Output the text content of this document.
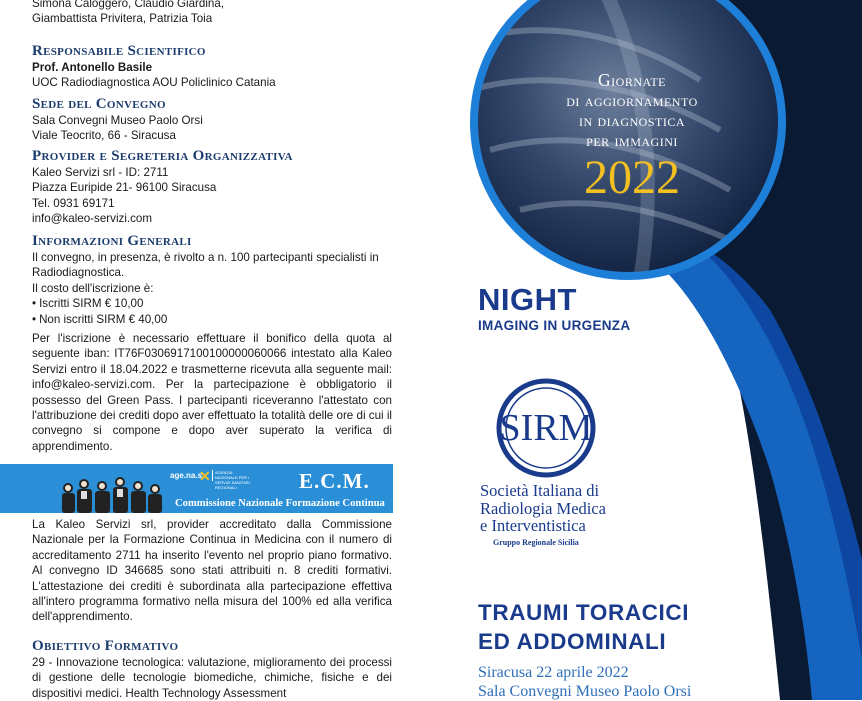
Simona Caloggero, Claudio Giardina,
Giambattista Privitera, Patrizia Toia
Responsabile Scientifico
Prof. Antonello Basile
UOC Radiodiagnostica AOU Policlinico Catania
Sede del Convegno
Sala Convegni Museo Paolo Orsi
Viale Teocrito, 66 - Siracusa
Provider e Segreteria Organizzativa
Kaleo Servizi srl - ID: 2711
Piazza Euripide 21- 96100 Siracusa
Tel. 0931 69171
info@kaleo-servizi.com
Informazioni Generali
Il convegno, in presenza, è rivolto a n. 100 partecipanti specialisti in Radiodiagnostica.
Il costo dell'iscrizione è:
• Iscritti SIRM € 10,00
• Non iscritti SIRM € 40,00
Per l'iscrizione è necessario effettuare il bonifico della quota al seguente iban: IT76F0306917100100000060066 intestato alla Kaleo Servizi entro il 18.04.2022 e trasmetterne ricevuta alla seguente mail: info@kaleo-servizi.com. Per la partecipazione è obbligatorio il possesso del Green Pass. I partecipanti riceveranno l'attestato con l'attribuzione dei crediti dopo aver effettuato la totalità delle ore di cui il convegno si compone e dopo aver superato la verifica di apprendimento.
age.na.s.
✕	AGENZIA NAZIONALE PER I SERVIZI SANITARI REGIONALI	E.C.M.
Commissione Nazionale Formazione Continua
La Kaleo Servizi srl, provider accreditato dalla Commissione Nazionale per la Formazione Continua in Medicina con il numero di accreditamento 2711 ha inserito l'evento nel proprio piano formativo. Al convegno ID 346685 sono stati attribuiti n. 8 crediti formativi. L'attestazione dei crediti è subordinata alla partecipazione effettiva all'intero programma formativo nella misura del 100% ed alla verifica dell'apprendimento.
Obiettivo Formativo
29 - Innovazione tecnologica: valutazione, miglioramento dei processi di gestione delle tecnologie biomediche, chimiche, fisiche e dei dispositivi medici. Health Technology Assessment
Giornate
di aggiornamento
in diagnostica
per immagini
2022
NIGHT
IMAGING IN URGENZA
SIRM
Società Italiana di
Radiologia Medica
e Interventistica
Gruppo Regionale Sicilia
TRAUMI TORACICI
ED ADDOMINALI
Siracusa 22 aprile 2022
Sala Convegni Museo Paolo Orsi
